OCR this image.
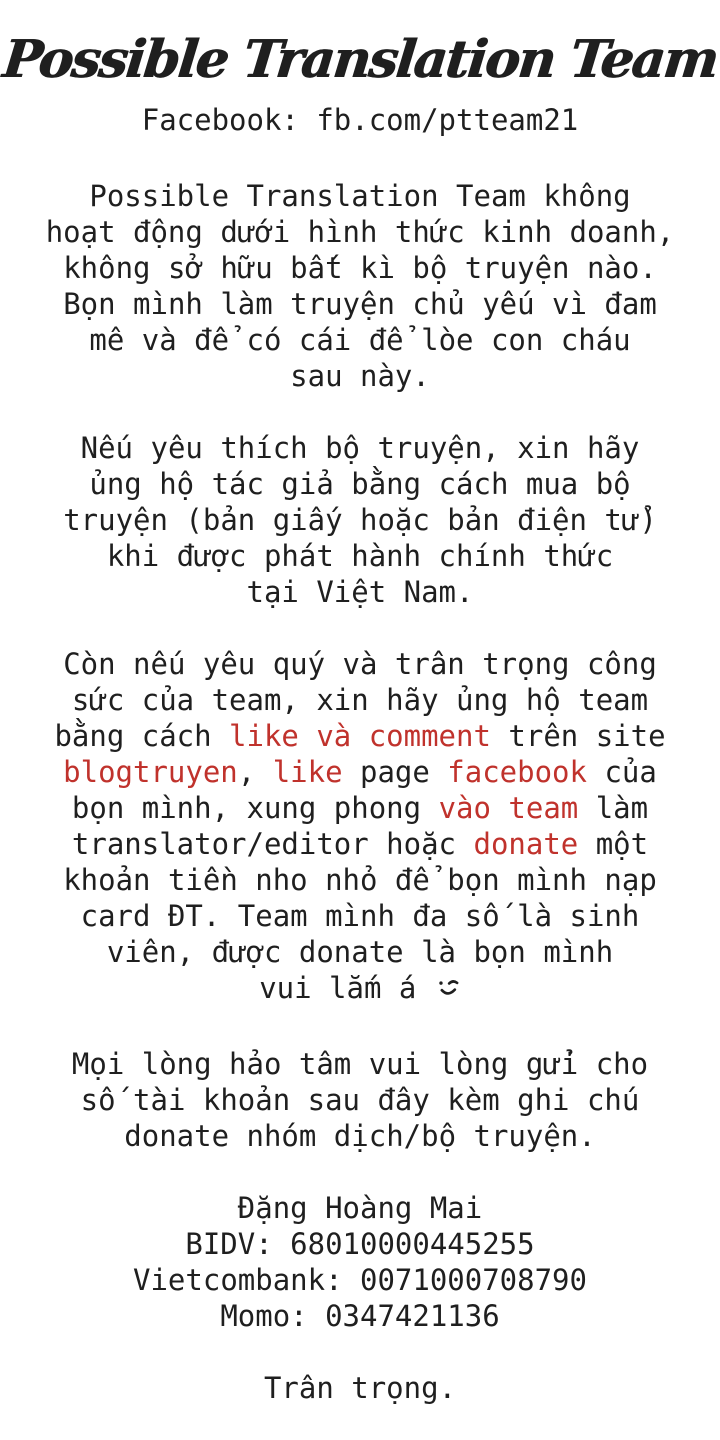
Possible Translation Team
Facebook: fb.com/ptteam21
Possible Translation Team không
hoạt động dưới hình thức kinh doanh,
không sở hữu bất kì bộ truyện nào.
Bọn mình làm truyện chủ yếu vì đam
mê và để có cái để lòe con cháu
sau này.
Nếu yêu thích bộ truyện, xin hãy
ủng hộ tác giả bằng cách mua bộ
truyện (bản giấy hoặc bản điện tử)
khi được phát hành chính thức
tại Việt Nam.
Còn nếu yêu quý và trân trọng công
sức của team, xin hãy ủng hộ team
bằng cách like và comment trên site
blogtruyen, like page facebook của
bọn mình, xung phong vào team làm
translator/editor hoặc donate một
khoản tiền nho nhỏ để bọn mình nạp
card ĐT. Team mình đa số là sinh
viên, được donate là bọn mình
vui lắm á
Mọi lòng hảo tâm vui lòng gửi cho
số tài khoản sau đây kèm ghi chú
donate nhóm dịch/bộ truyện.
Đặng Hoàng Mai
BIDV: 68010000445255
Vietcombank: 0071000708790
Momo: 0347421136
Trân trọng.
